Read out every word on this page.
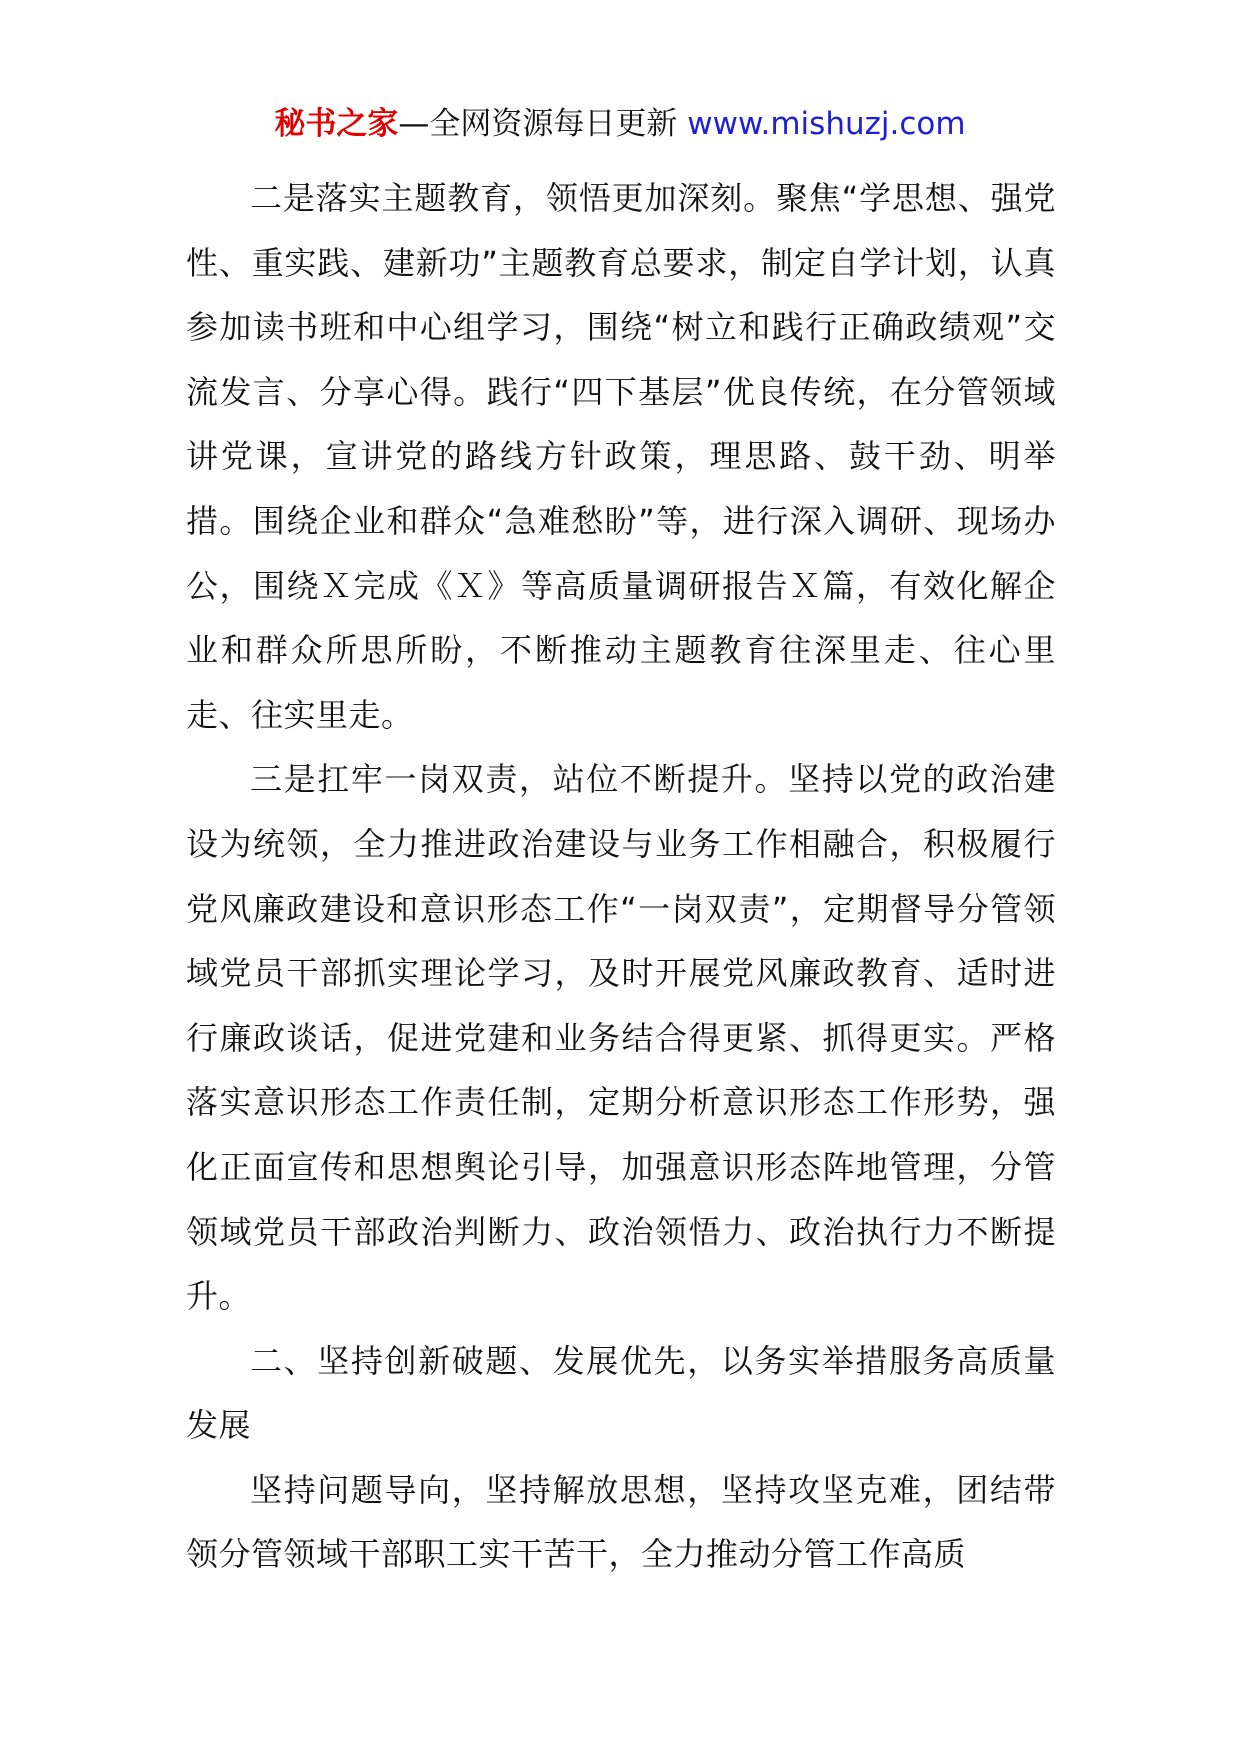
秘书之家—全网资源每日更新 www.mishuzj.com

二是落实主题教育，领悟更加深刻。聚焦“学思想、强党性、重实践、建新功”主题教育总要求，制定自学计划，认真参加读书班和中心组学习，围绕“树立和践行正确政绩观”交流发言、分享心得。践行“四下基层”优良传统，在分管领域讲党课，宣讲党的路线方针政策，理思路、鼓干劲、明举措。围绕企业和群众“急难愁盼”等，进行深入调研、现场办公，围绕Ｘ完成《Ｘ》等高质量调研报告Ｘ篇，有效化解企业和群众所思所盼，不断推动主题教育往深里走、往心里走、往实里走。

三是扛牢一岗双责，站位不断提升。坚持以党的政治建设为统领，全力推进政治建设与业务工作相融合，积极履行党风廉政建设和意识形态工作“一岗双责”，定期督导分管领域党员干部抓实理论学习，及时开展党风廉政教育、适时进行廉政谈话，促进党建和业务结合得更紧、抓得更实。严格落实意识形态工作责任制，定期分析意识形态工作形势，强化正面宣传和思想舆论引导，加强意识形态阵地管理，分管领域党员干部政治判断力、政治领悟力、政治执行力不断提升。

二、坚持创新破题、发展优先，以务实举措服务高质量发展

坚持问题导向，坚持解放思想，坚持攻坚克难，团结带领分管领域干部职工实干苦干，全力推动分管工作高质
